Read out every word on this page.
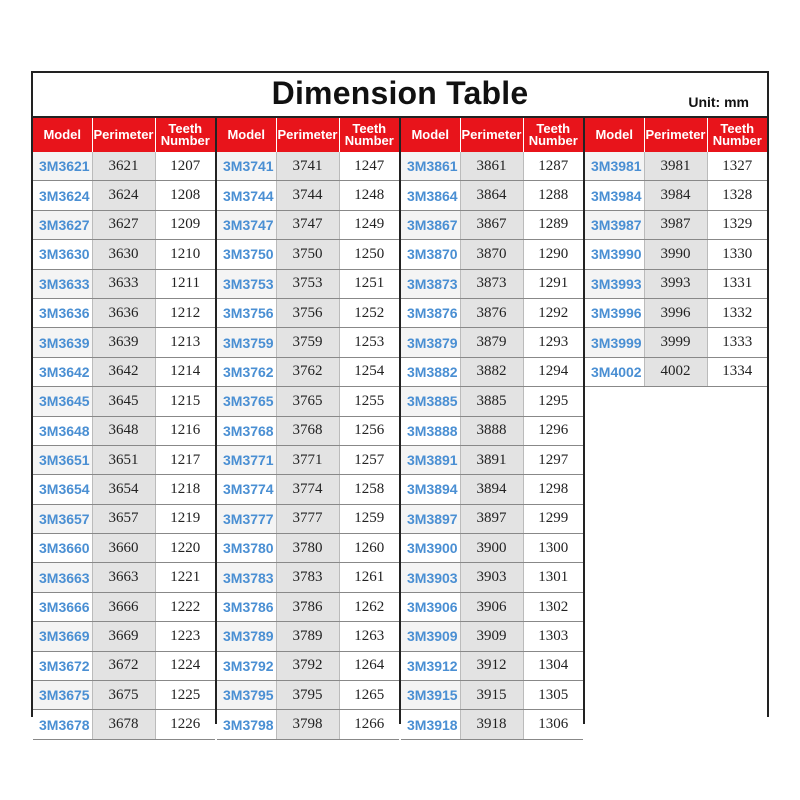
Dimension Table	Unit: mm
Model	Perimeter	Teeth
Number
3M3621	3621	1207
3M3624	3624	1208
3M3627	3627	1209
3M3630	3630	1210
3M3633	3633	1211
3M3636	3636	1212
3M3639	3639	1213
3M3642	3642	1214
3M3645	3645	1215
3M3648	3648	1216
3M3651	3651	1217
3M3654	3654	1218
3M3657	3657	1219
3M3660	3660	1220
3M3663	3663	1221
3M3666	3666	1222
3M3669	3669	1223
3M3672	3672	1224
3M3675	3675	1225
3M3678	3678	1226
Model	Perimeter	Teeth
Number
3M3741	3741	1247
3M3744	3744	1248
3M3747	3747	1249
3M3750	3750	1250
3M3753	3753	1251
3M3756	3756	1252
3M3759	3759	1253
3M3762	3762	1254
3M3765	3765	1255
3M3768	3768	1256
3M3771	3771	1257
3M3774	3774	1258
3M3777	3777	1259
3M3780	3780	1260
3M3783	3783	1261
3M3786	3786	1262
3M3789	3789	1263
3M3792	3792	1264
3M3795	3795	1265
3M3798	3798	1266
Model	Perimeter	Teeth
Number
3M3861	3861	1287
3M3864	3864	1288
3M3867	3867	1289
3M3870	3870	1290
3M3873	3873	1291
3M3876	3876	1292
3M3879	3879	1293
3M3882	3882	1294
3M3885	3885	1295
3M3888	3888	1296
3M3891	3891	1297
3M3894	3894	1298
3M3897	3897	1299
3M3900	3900	1300
3M3903	3903	1301
3M3906	3906	1302
3M3909	3909	1303
3M3912	3912	1304
3M3915	3915	1305
3M3918	3918	1306
Model	Perimeter	Teeth
Number
3M3981	3981	1327
3M3984	3984	1328
3M3987	3987	1329
3M3990	3990	1330
3M3993	3993	1331
3M3996	3996	1332
3M3999	3999	1333
3M4002	4002	1334
